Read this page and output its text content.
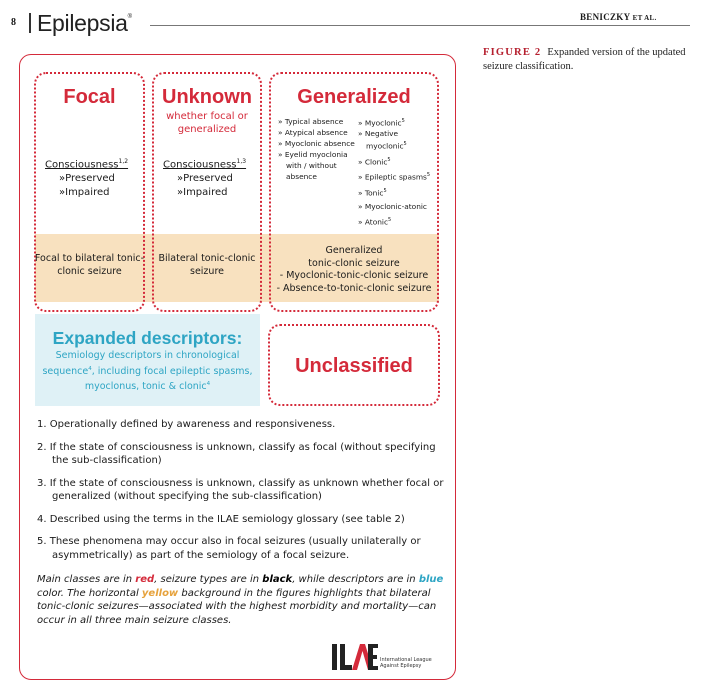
8 Epilepsia®	BENICZKY ET AL.
FIGURE 2 Expanded version of the updated seizure classification.
Focal	Unknown
whether focal or generalized
Generalized
Consciousness$^{1,2}$
»Preserved
»Impaired
Consciousness$^{1,3}$
»Preserved
»Impaired
» Typical absence
» Atypical absence
» Myoclonic absence
» Eyelid myoclonia
with / without
absence
» Myoclonic$^5$
» Negative
myoclonic$^5$
» Clonic$^5$
» Epileptic spasms$^5$
» Tonic$^5$
» Myoclonic-atonic
» Atonic$^5$
Focal to bilateral tonic-clonic seizure
Bilateral tonic-clonic seizure
Generalized
tonic-clonic seizure
- Myoclonic-tonic-clonic seizure
- Absence-to-tonic-clonic seizure
Expanded descriptors:
Semiology descriptors in chronological
sequence$^4$, including focal epileptic spasms,
myoclonus, tonic & clonic$^4$
Unclassified
1. Operationally defined by awareness and responsiveness.
2. If the state of consciousness is unknown, classify as focal (without specifying the sub-classification)
3. If the state of consciousness is unknown, classify as unknown whether focal or generalized (without specifying the sub-classification)
4. Described using the terms in the ILAE semiology glossary (see table 2)
5. These phenomena may occur also in focal seizures (usually unilaterally or asymmetrically) as part of the semiology of a focal seizure.
Main classes are in red, seizure types are in black, while descriptors are in blue color. The horizontal yellow background in the figures highlights that bilateral tonic-clonic seizures—associated with the highest morbidity and mortality—can occur in all three main seizure classes.
International League
Against Epilepsy
